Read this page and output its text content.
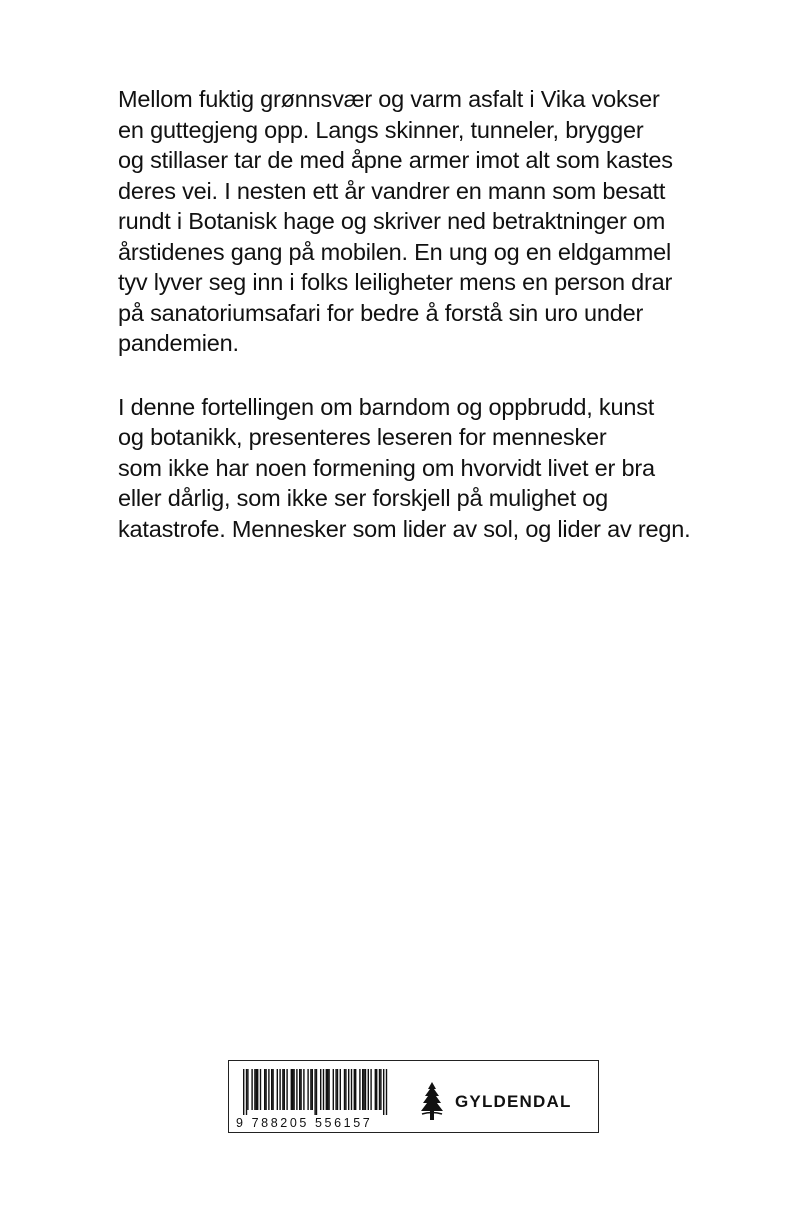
Mellom fuktig grønnsvær og varm asfalt i Vika vokser
en guttegjeng opp. Langs skinner, tunneler, brygger
og stillaser tar de med åpne armer imot alt som kastes
deres vei. I nesten ett år vandrer en mann som besatt
rundt i Botanisk hage og skriver ned betraktninger om
årstidenes gang på mobilen. En ung og en eldgammel
tyv lyver seg inn i folks leiligheter mens en person drar
på sanatoriumsafari for bedre å forstå sin uro under
pandemien.

I denne fortellingen om barndom og oppbrudd, kunst
og botanikk, presenteres leseren for mennesker
som ikke har noen formening om hvorvidt livet er bra
eller dårlig, som ikke ser forskjell på mulighet og
katastrofe. Mennesker som lider av sol, og lider av regn.

9 788205 556157
GYLDENDAL
